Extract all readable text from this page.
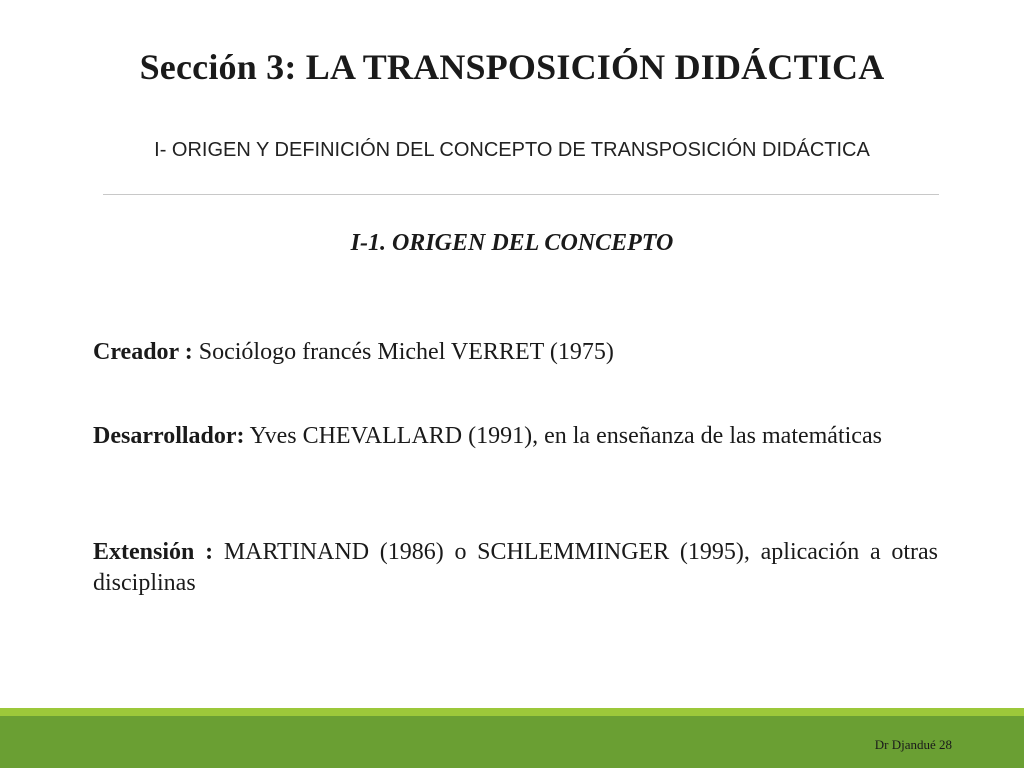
Sección 3: LA TRANSPOSICIÓN DIDÁCTICA
I- ORIGEN Y DEFINICIÓN DEL CONCEPTO DE TRANSPOSICIÓN DIDÁCTICA
I-1. ORIGEN DEL CONCEPTO
Creador : Sociólogo francés Michel VERRET (1975)
Desarrollador: Yves CHEVALLARD (1991), en la enseñanza de las matemáticas
Extensión : MARTINAND (1986) o SCHLEMMINGER (1995), aplicación a otras disciplinas
Dr Djandué 28
